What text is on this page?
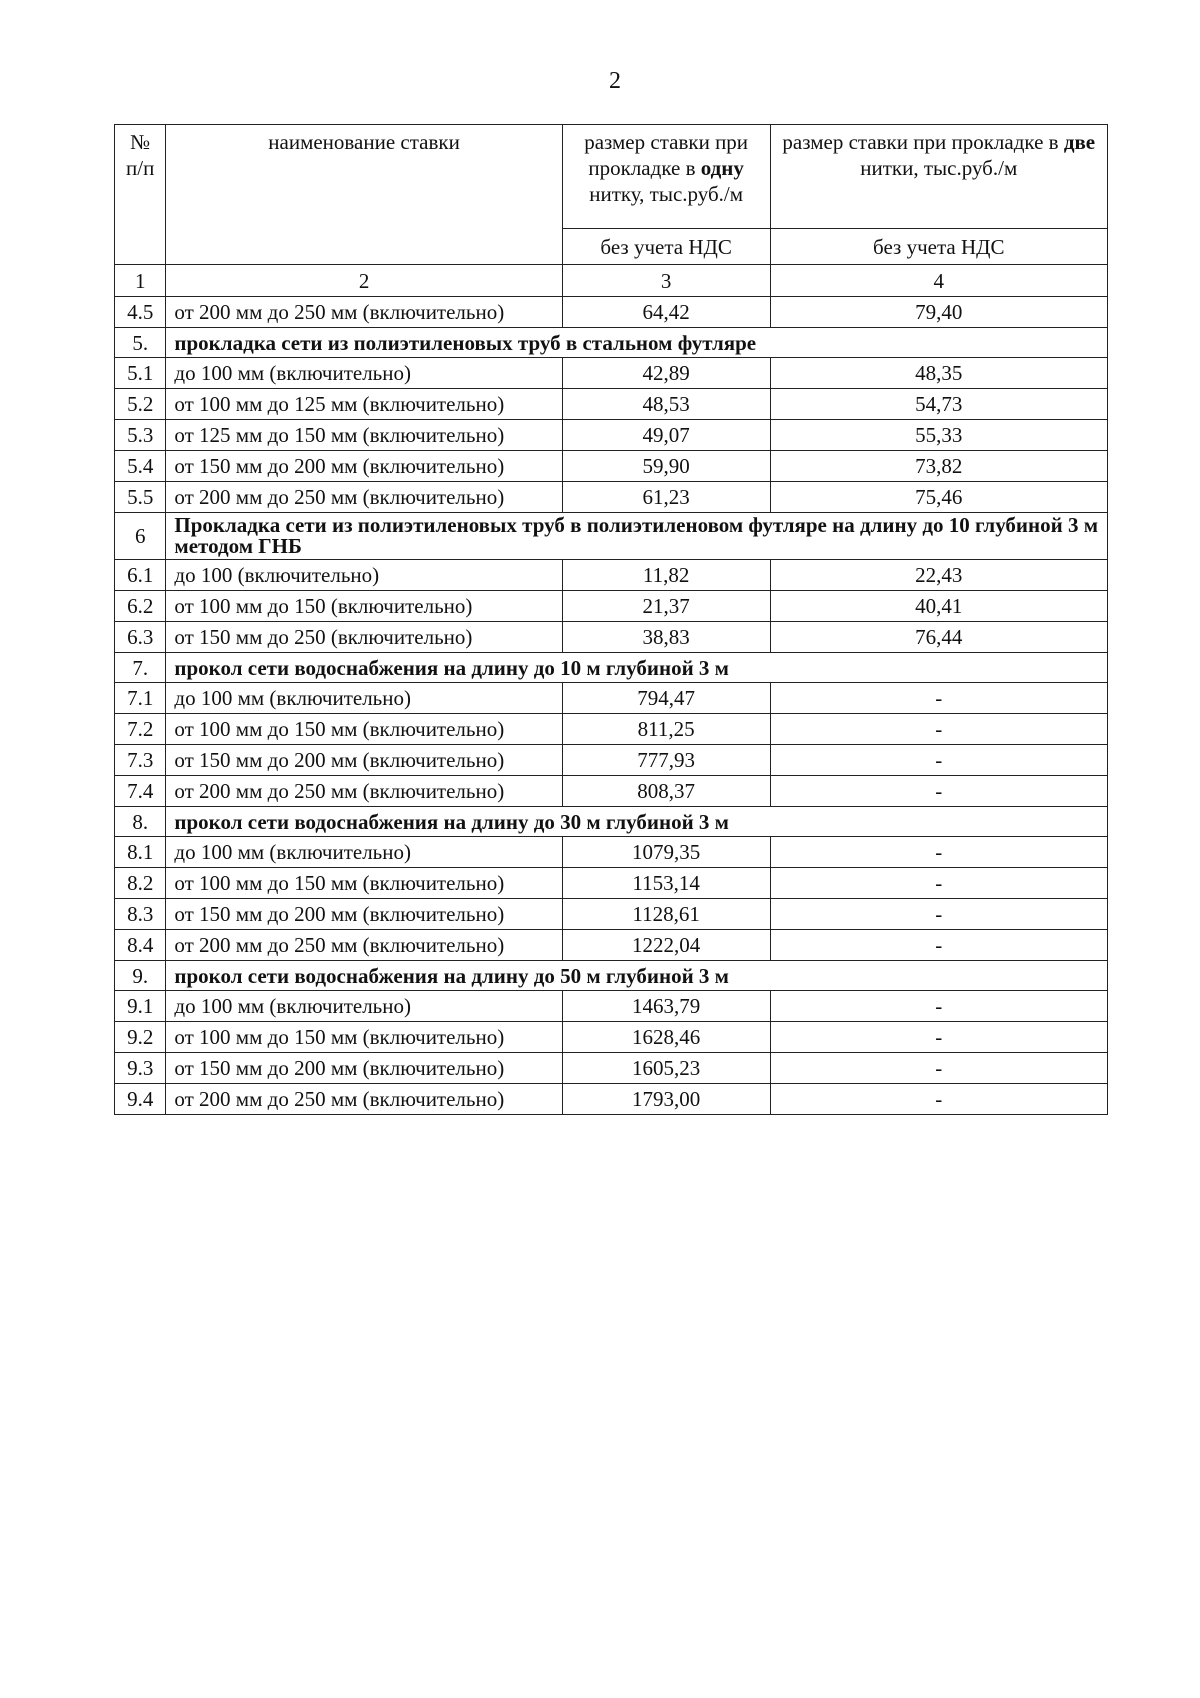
2
№ п/п	наименование ставки	размер ставки при прокладке в одну нитку, тыс.руб./м	размер ставки при прокладке в две нитки, тыс.руб./м
		без учета НДС	без учета НДС
1	2	3	4
4.5	от 200 мм до 250 мм (включительно)	64,42	79,40
5.	прокладка сети из полиэтиленовых труб в стальном футляре		
5.1	до 100 мм (включительно)	42,89	48,35
5.2	от 100 мм до 125 мм (включительно)	48,53	54,73
5.3	от 125 мм до 150 мм (включительно)	49,07	55,33
5.4	от 150 мм до 200 мм (включительно)	59,90	73,82
5.5	от 200 мм до 250 мм (включительно)	61,23	75,46
6	Прокладка сети из полиэтиленовых труб в полиэтиленовом футляре на длину до 10 глубиной 3 м методом ГНБ		
6.1	до 100 (включительно)	11,82	22,43
6.2	от 100 мм до 150 (включительно)	21,37	40,41
6.3	от 150 мм до 250 (включительно)	38,83	76,44
7.	прокол сети водоснабжения на длину до 10 м глубиной 3 м		
7.1	до 100 мм (включительно)	794,47	-
7.2	от 100 мм до 150 мм (включительно)	811,25	-
7.3	от 150 мм до 200 мм (включительно)	777,93	-
7.4	от 200 мм до 250 мм (включительно)	808,37	-
8.	прокол сети водоснабжения на длину до 30 м глубиной 3 м		
8.1	до 100 мм (включительно)	1079,35	-
8.2	от 100 мм до 150 мм (включительно)	1153,14	-
8.3	от 150 мм до 200 мм (включительно)	1128,61	-
8.4	от 200 мм до 250 мм (включительно)	1222,04	-
9.	прокол сети водоснабжения на длину до 50 м глубиной 3 м		
9.1	до 100 мм (включительно)	1463,79	-
9.2	от 100 мм до 150 мм (включительно)	1628,46	-
9.3	от 150 мм до 200 мм (включительно)	1605,23	-
9.4	от 200 мм до 250 мм (включительно)	1793,00	-
